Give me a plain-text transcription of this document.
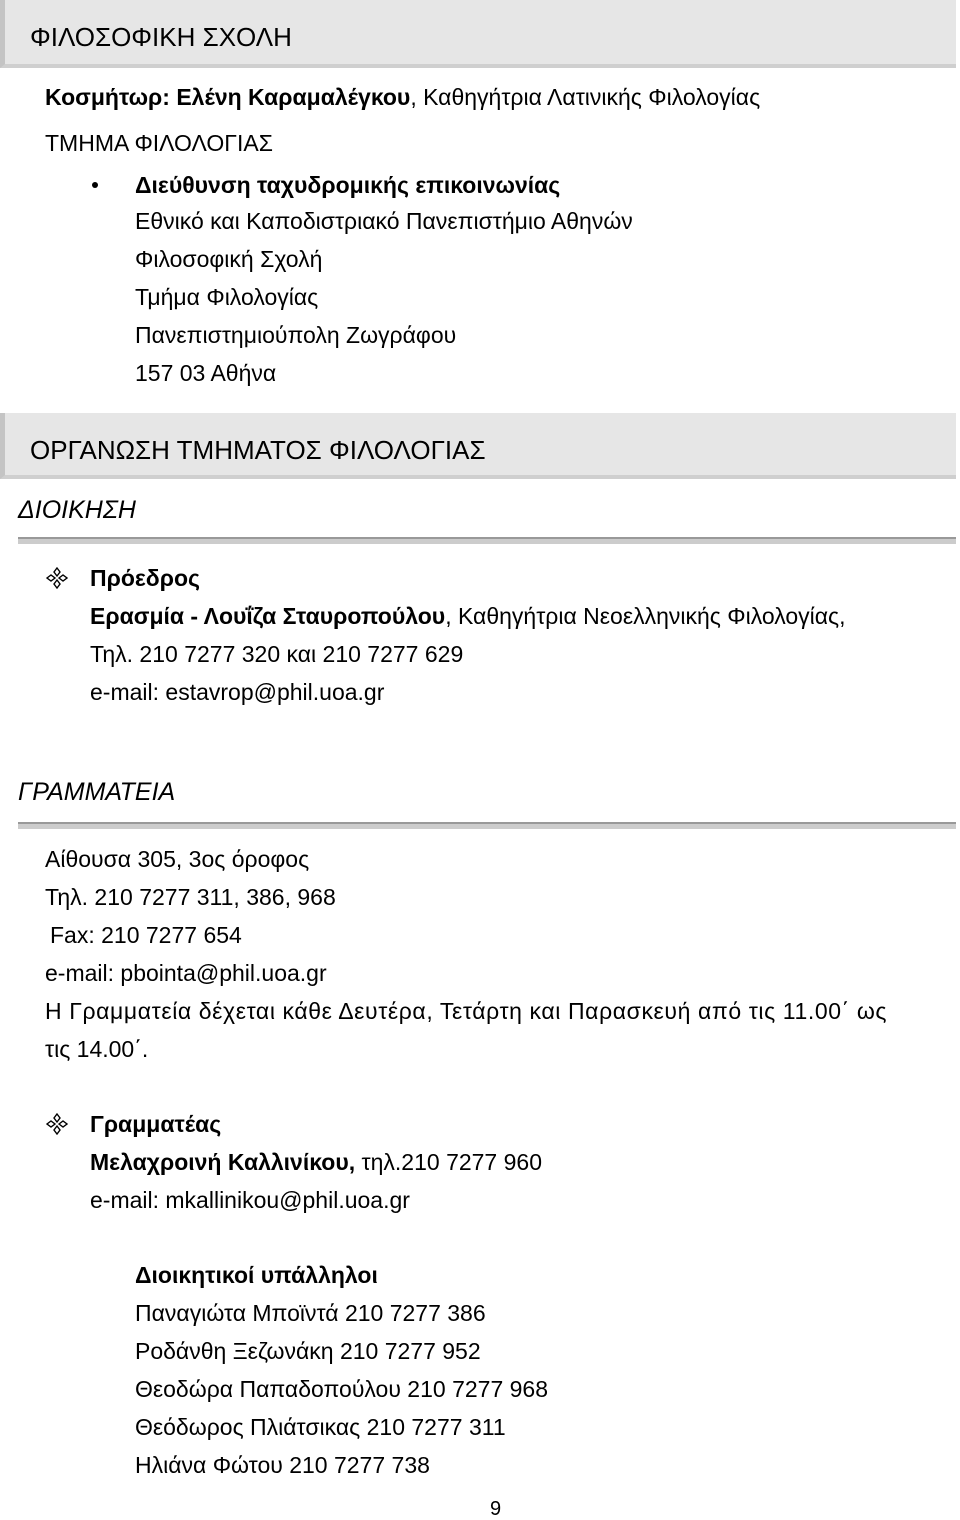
ΦΙΛΟΣΟΦΙΚΗ ΣΧΟΛΗ
Κοσμήτωρ: Ελένη Καραμαλέγκου, Καθηγήτρια Λατινικής Φιλολογίας
ΤΜΗΜΑ ΦΙΛΟΛΟΓΙΑΣ
Διεύθυνση ταχυδρομικής επικοινωνίας
Εθνικό και Καποδιστριακό Πανεπιστήμιο Αθηνών
Φιλοσοφική Σχολή
Τμήμα Φιλολογίας
Πανεπιστημιούπολη Ζωγράφου
157 03 Αθήνα
ΟΡΓΑΝΩΣΗ ΤΜΗΜΑΤΟΣ ΦΙΛΟΛΟΓΙΑΣ
ΔΙΟΙΚΗΣΗ
Πρόεδρος
Ερασμία - Λουΐζα Σταυροπούλου, Καθηγήτρια Νεοελληνικής Φιλολογίας,
Τηλ. 210 7277 320 και 210 7277 629
e-mail: estavrop@phil.uoa.gr
ΓΡΑΜΜΑΤΕΙΑ
Αίθουσα 305, 3ος όροφος
Τηλ. 210 7277 311, 386, 968
Fax: 210 7277 654
e-mail: pbointa@phil.uoa.gr
Η Γραμματεία δέχεται κάθε Δευτέρα, Τετάρτη και Παρασκευή από τις 11.00΄ ως
τις 14.00΄.
Γραμματέας
Μελαχροινή Καλλινίκου, τηλ.210 7277 960
e-mail: mkallinikou@phil.uoa.gr
Διοικητικοί υπάλληλοι
Παναγιώτα Μποϊντά 210 7277 386
Ροδάνθη Ξεζωνάκη 210 7277 952
Θεοδώρα Παπαδοπούλου 210 7277 968
Θεόδωρος Πλιάτσικας 210 7277 311
Ηλιάνα Φώτου 210 7277 738
9
